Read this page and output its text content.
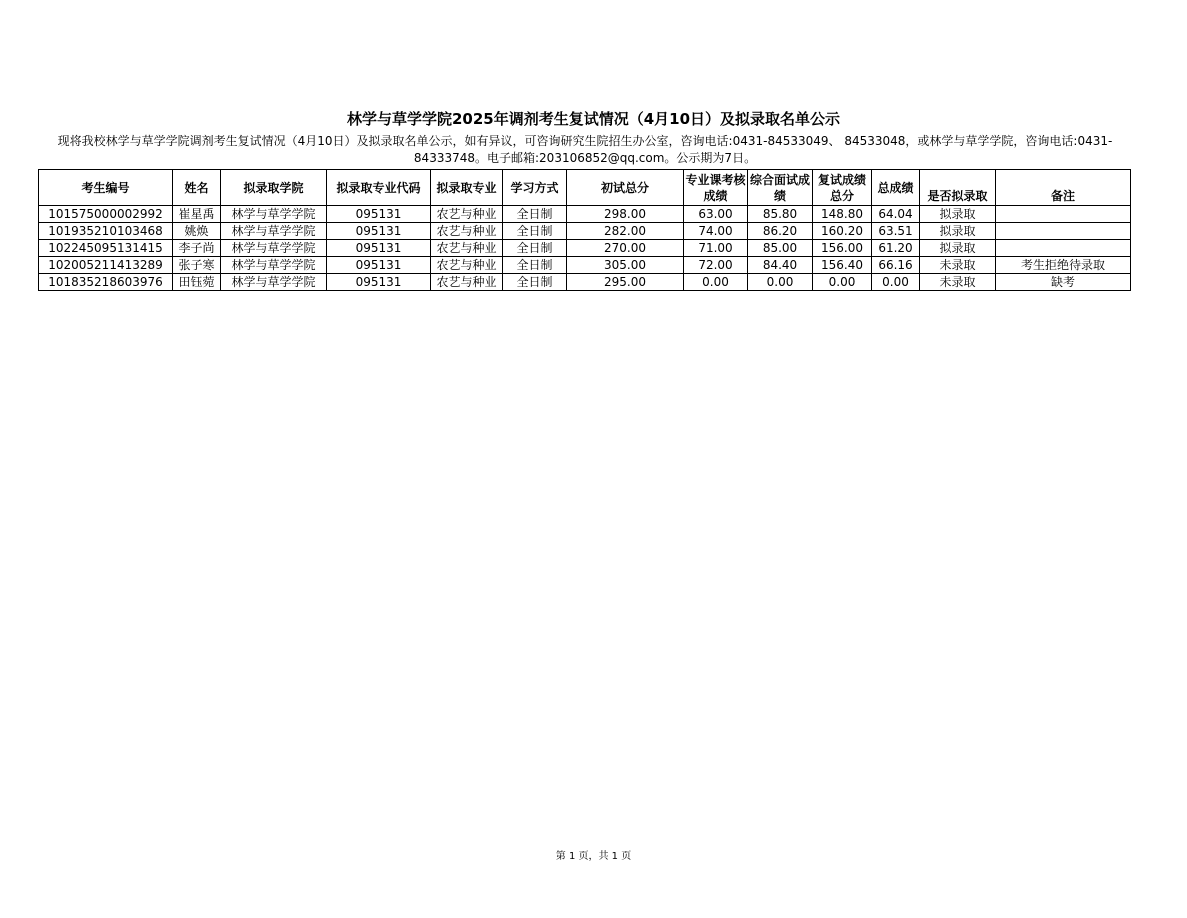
林学与草学学院2025年调剂考生复试情况（4月10日）及拟录取名单公示
现将我校林学与草学学院调剂考生复试情况（4月10日）及拟录取名单公示，如有异议，可咨询研究生院招生办公室，咨询电话:0431-84533049、 84533048，或林学与草学学院，咨询电话:0431-84333748。电子邮箱:203106852@qq.com。公示期为7日。
考生编号	姓名	拟录取学院	拟录取专业代码	拟录取专业	学习方式	初试总分	专业课考核成绩	综合面试成绩	复试成绩总分	总成绩	是否拟录取	备注
101575000002992	崔星禹	林学与草学学院	095131	农艺与种业	全日制	298.00	63.00	85.80	148.80	64.04	拟录取	
101935210103468	姚焕	林学与草学学院	095131	农艺与种业	全日制	282.00	74.00	86.20	160.20	63.51	拟录取	
102245095131415	李子尚	林学与草学学院	095131	农艺与种业	全日制	270.00	71.00	85.00	156.00	61.20	拟录取	
102005211413289	张子寒	林学与草学学院	095131	农艺与种业	全日制	305.00	72.00	84.40	156.40	66.16	未录取	考生拒绝待录取
101835218603976	田钰菀	林学与草学学院	095131	农艺与种业	全日制	295.00	0.00	0.00	0.00	0.00	未录取	缺考
第 1 页，共 1 页
